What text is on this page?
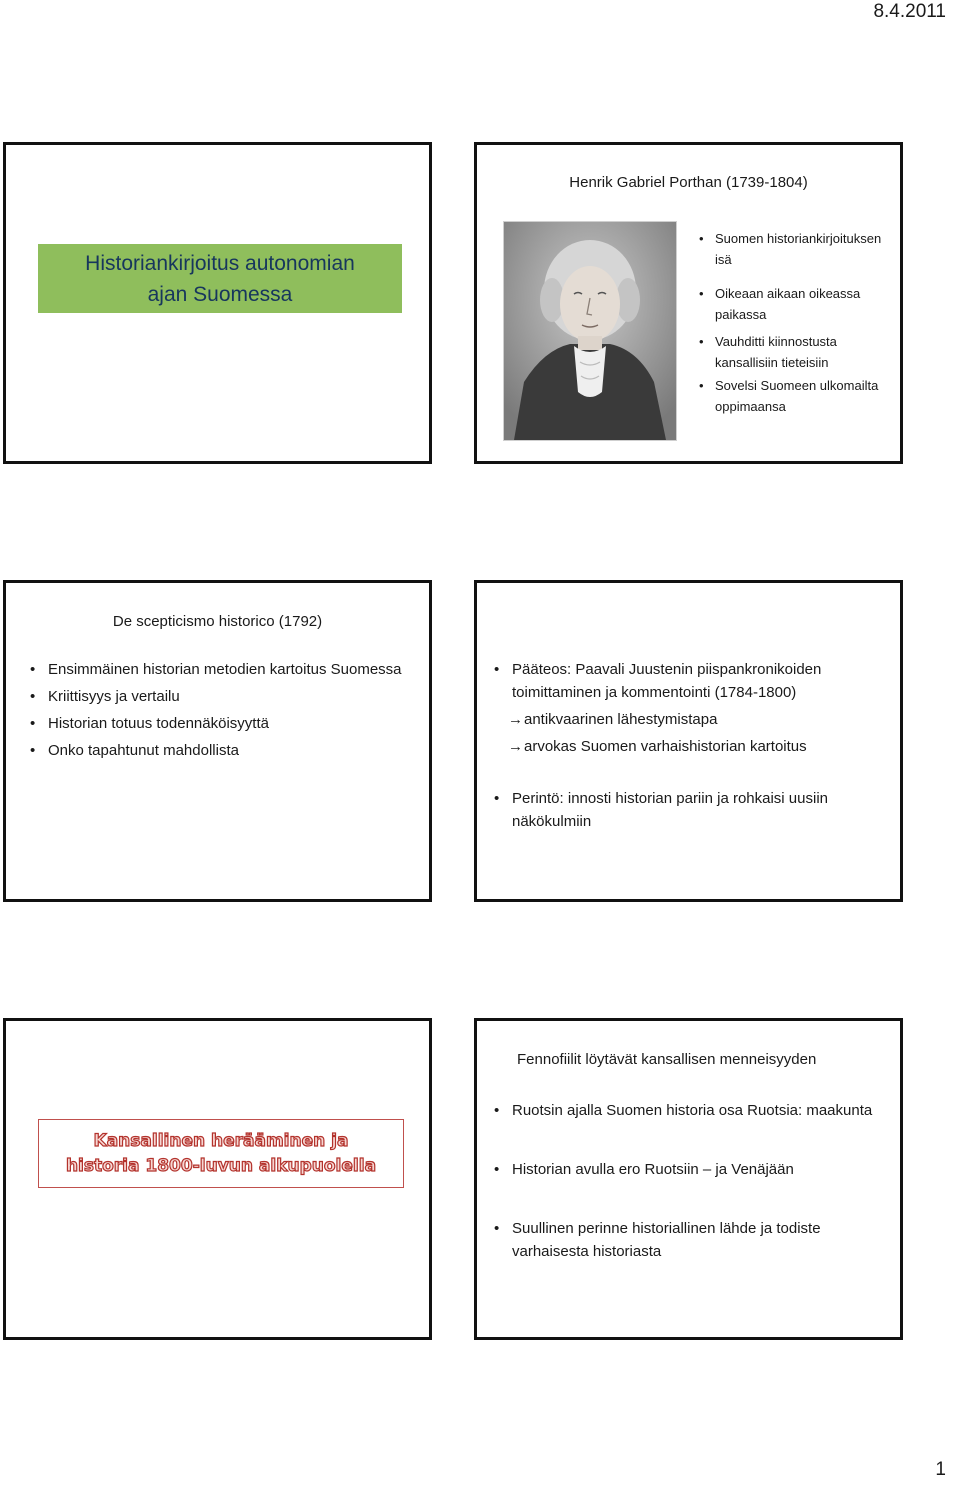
8.4.2011
Historiankirjoitus autonomian ajan Suomessa
Henrik Gabriel Porthan (1739-1804)
• Suomen historiankirjoituksen isä
• Oikeaan aikaan oikeassa paikassa
• Vauhditti kiinnostusta kansallisiin tieteisiin
• Sovelsi Suomeen ulkomailta oppimaansa
De scepticismo historico (1792)
• Ensimmäinen historian metodien kartoitus Suomessa
• Kriittisyys ja vertailu
• Historian totuus todennäköisyyttä
• Onko tapahtunut mahdollista
• Pääteos: Paavali Juustenin piispankronikoiden toimittaminen ja kommentointi (1784-1800)
→ antikvaarinen lähestymistapa
→ arvokas Suomen varhaishistorian kartoitus
• Perintö: innosti historian pariin ja rohkaisi uusiin näkökulmiin
Kansallinen herääminen ja historia 1800-luvun alkupuolella
Fennofiilit löytävät kansallisen menneisyyden
• Ruotsin ajalla Suomen historia osa Ruotsia: maakunta
• Historian avulla ero Ruotsiin – ja Venäjään
• Suullinen perinne historiallinen lähde ja todiste varhaisesta historiasta
1
